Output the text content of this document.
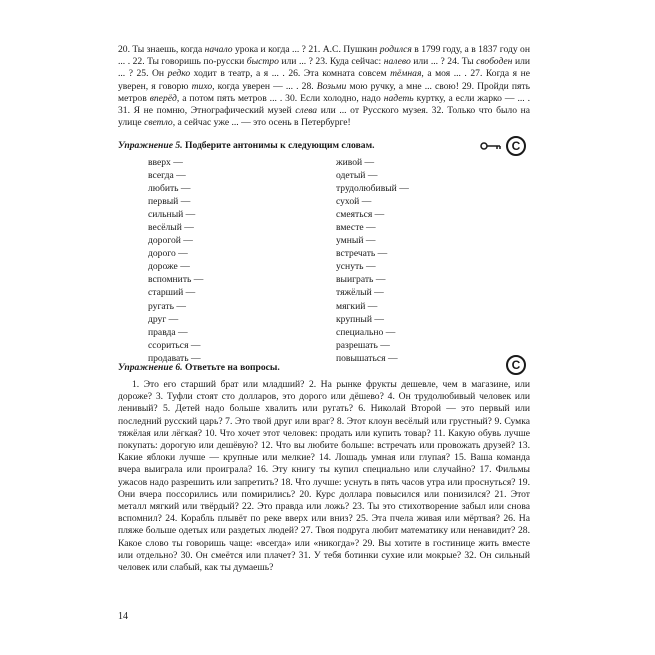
20. Ты знаешь, когда начало урока и когда ... ? 21. А.С. Пушкин родился в 1799 году, а в 1837 году он ... . 22. Ты говоришь по-русски быстро или ... ? 23. Куда сейчас: налево или ... ? 24. Ты свободен или ... ? 25. Он редко ходит в театр, а я ... . 26. Эта комната совсем тёмная, а моя ... . 27. Когда я не уверен, я говорю тихо, когда уверен — ... . 28. Возьми мою ручку, а мне ... свою! 29. Пройди пять метров вперёд, а потом пять метров ... . 30. Если холодно, надо надеть куртку, а если жарко — ... . 31. Я не помню, Этнографический музей слева или ... от Русского музея. 32. Только что было на улице светло, а сейчас уже ... — это осень в Петербурге!
Упражнение 5. Подберите антонимы к следующим словам.	C
вверх —
всегда —
любить —
первый —
сильный —
весёлый —
дорогой —
дорого —
дороже —
вспомнить —
старший —
ругать —
друг —
правда —
ссориться —
продавать —
живой —
одетый —
трудолюбивый —
сухой —
смеяться —
вместе —
умный —
встречать —
уснуть —
выиграть —
тяжёлый —
мягкий —
крупный —
специально —
разрешать —
повышаться —
Упражнение 6. Ответьте на вопросы.	C
1. Это его старший брат или младший? 2. На рынке фрукты дешевле, чем в магазине, или дороже? 3. Туфли стоят сто долларов, это дорого или дёшево? 4. Он трудолюбивый человек или ленивый? 5. Детей надо больше хвалить или ругать? 6. Николай Второй — это первый или последний русский царь? 7. Это твой друг или враг? 8. Этот клоун весёлый или грустный? 9. Сумка тяжёлая или лёгкая? 10. Что хочет этот человек: продать или купить товар? 11. Какую обувь лучше покупать: дорогую или дешёвую? 12. Что вы любите больше: встречать или провожать друзей? 13. Какие яблоки лучше — крупные или мелкие? 14. Лошадь умная или глупая? 15. Ваша команда вчера выиграла или проиграла? 16. Эту книгу ты купил специально или случайно? 17. Фильмы ужасов надо разрешить или запретить? 18. Что лучше: уснуть в пять часов утра или проснуться? 19. Они вчера поссорились или помирились? 20. Курс доллара повысился или понизился? 21. Этот металл мягкий или твёрдый? 22. Это правда или ложь? 23. Ты это стихотворение забыл или снова вспомнил? 24. Корабль плывёт по реке вверх или вниз? 25. Эта пчела живая или мёртвая? 26. На пляже больше одетых или раздетых людей? 27. Твоя подруга любит математику или ненавидит? 28. Какое слово ты говоришь чаще: «всегда» или «никогда»? 29. Вы хотите в гостинице жить вместе или отдельно? 30. Он смеётся или плачет? 31. У тебя ботинки сухие или мокрые? 32. Он сильный человек или слабый, как ты думаешь?
14
